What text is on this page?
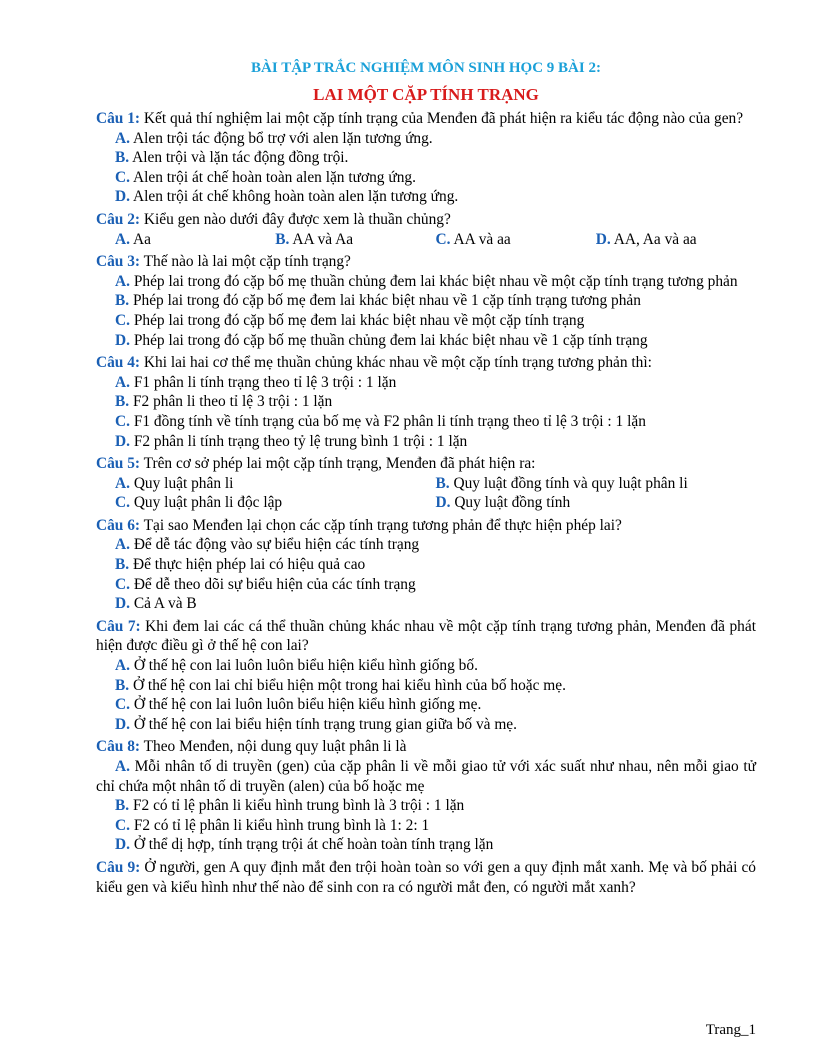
BÀI TẬP TRẮC NGHIỆM MÔN SINH HỌC 9 BÀI 2:
LAI MỘT CẶP TÍNH TRẠNG
Câu 1: Kết quả thí nghiệm lai một cặp tính trạng của Menđen đã phát hiện ra kiểu tác động nào của gen?
A. Alen trội tác động bổ trợ với alen lặn tương ứng.
B. Alen trội và lặn tác động đồng trội.
C. Alen trội át chế hoàn toàn alen lặn tương ứng.
D. Alen trội át chế không hoàn toàn alen lặn tương ứng.
Câu 2: Kiểu gen nào dưới đây được xem là thuần chủng?
A. Aa	B. AA và Aa	C. AA và aa	D. AA, Aa và aa
Câu 3: Thế nào là lai một cặp tính trạng?
A. Phép lai trong đó cặp bố mẹ thuần chủng đem lai khác biệt nhau về một cặp tính trạng tương phản
B. Phép lai trong đó cặp bố mẹ đem lai khác biệt nhau về 1 cặp tính trạng tương phản
C. Phép lai trong đó cặp bố mẹ đem lai khác biệt nhau về một cặp tính trạng
D. Phép lai trong đó cặp bố mẹ thuần chủng đem lai khác biệt nhau về 1 cặp tính trạng
Câu 4: Khi lai hai cơ thể mẹ thuần chủng khác nhau về một cặp tính trạng tương phản thì:
A. F1 phân li tính trạng theo tỉ lệ 3 trội : 1 lặn
B. F2 phân li theo tỉ lệ 3 trội : 1 lặn
C. F1 đồng tính về tính trạng của bố mẹ và F2 phân li tính trạng theo tỉ lệ 3 trội : 1 lặn
D. F2 phân li tính trạng theo tỷ lệ trung bình 1 trội : 1 lặn
Câu 5: Trên cơ sở phép lai một cặp tính trạng, Menđen đã phát hiện ra:
A. Quy luật phân li	B. Quy luật đồng tính và quy luật phân li
C. Quy luật phân li độc lập	D. Quy luật đồng tính
Câu 6: Tại sao Menđen lại chọn các cặp tính trạng tương phản để thực hiện phép lai?
A. Để dễ tác động vào sự biểu hiện các tính trạng
B. Để thực hiện phép lai có hiệu quả cao
C. Để dễ theo dõi sự biểu hiện của các tính trạng
D. Cả A và B
Câu 7: Khi đem lai các cá thể thuần chủng khác nhau về một cặp tính trạng tương phản, Menđen đã phát hiện được điều gì ở thế hệ con lai?
A. Ở thế hệ con lai luôn luôn biểu hiện kiểu hình giống bố.
B. Ở thế hệ con lai chỉ biểu hiện một trong hai kiểu hình của bố hoặc mẹ.
C. Ở thế hệ con lai luôn luôn biểu hiện kiểu hình giống mẹ.
D. Ở thế hệ con lai biểu hiện tính trạng trung gian giữa bố và mẹ.
Câu 8: Theo Menđen, nội dung quy luật phân li là
A. Mỗi nhân tố di truyền (gen) của cặp phân li về mỗi giao tử với xác suất như nhau, nên mỗi giao tử chỉ chứa một nhân tố di truyền (alen) của bố hoặc mẹ
B. F2 có tỉ lệ phân li kiểu hình trung bình là 3 trội : 1 lặn
C. F2 có tỉ lệ phân li kiểu hình trung bình là 1: 2: 1
D. Ở thể dị hợp, tính trạng trội át chế hoàn toàn tính trạng lặn
Câu 9: Ở người, gen A quy định mắt đen trội hoàn toàn so với gen a quy định mắt xanh. Mẹ và bố phải có kiểu gen và kiểu hình như thế nào để sinh con ra có người mắt đen, có người mắt xanh?
Trang_1
